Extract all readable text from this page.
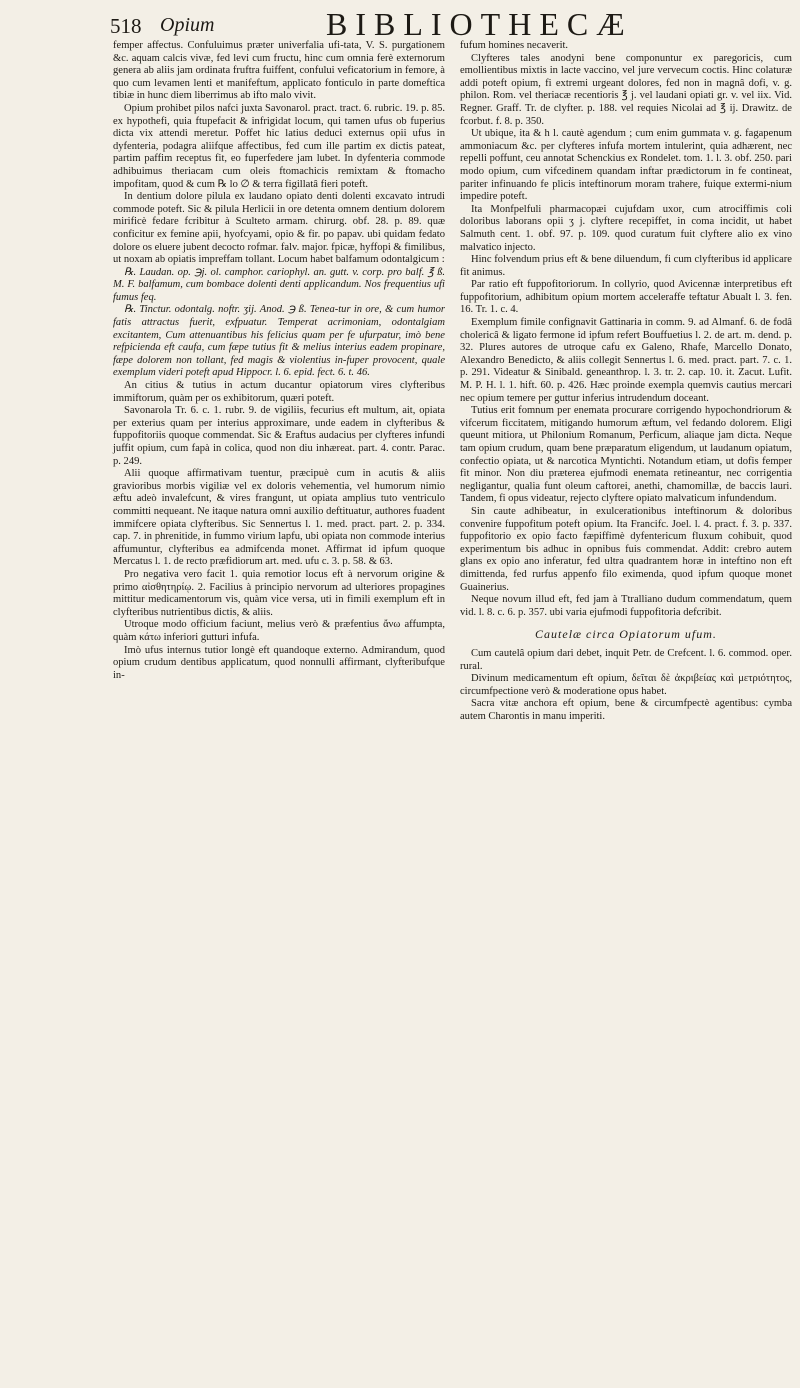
518 Opium	BIBLIOTHECÆ

femper affectus. Confuluimus præter univerfalia ufi-tata, V. S. purgationem &c. aquam calcis vivæ, fed levi cum fructu, hinc cum omnia ferè externorum genera ab aliis jam ordinata fruftra fuiffent, confului veficatorium in femore, à quo cum levamen lenti et manifeftum, applicato fonticulo in parte domeftica tibiæ in hunc diem liberrimus ab ifto malo vivit.

Opium prohibet pilos nafci juxta Savonarol. pract. tract. 6. rubric. 19. p. 85. ex hypothefi, quia ftupefacit & infrigidat locum, qui tamen ufus ob fuperius dicta vix attendi meretur. Poffet hic latius deduci externus opii ufus in dyfenteria, podagra aliifque affectibus, fed cum ille partim ex dictis pateat, partim paffim receptus fit, eo fuperfedere jam lubet. In dyfenteria commode adhibuimus theriacam cum oleis ftomachicis remixtam & ftomacho impofitam, quod & cum ℞ lo ∅ & terra figillatâ fieri poteft.

In dentium dolore pilula ex laudano opiato denti dolenti excavato intrudi commode poteft. Sic & pilula Herlicii in ore detenta omnem dentium dolorem mirificè fedare fcribitur à Sculteto armam. chirurg. obf. 28. p. 89. quæ conficitur ex femine apii, hyofcyami, opio & fir. po papav. ubi quidam fedato dolore os eluere jubent decocto rofmar. falv. major. fpicæ, hyffopi & fimilibus, ut noxam ab opiatis impreffam tollant. Locum habet balfamum odontalgicum :

℞. Laudan. op. ℈j. ol. camphor. cariophyl. an. gutt. v. corp. pro balf. ℥ ß. M. F. balfamum, cum bombace dolenti denti applicandum. Nos frequentius ufi fumus feq.

℞. Tinctur. odontalg. noftr. ʒij. Anod. ℈ ß. Tenea-tur in ore, & cum humor fatis attractus fuerit, exfpuatur. Temperat acrimoniam, odontalgiam excitantem, Cum attenuantibus his felicius quam per fe ufurpatur, imò bene refpicienda eft caufa, cum fæpe tutius fit & melius interius eadem propinare, fæpe dolorem non tollant, fed magis & violentius in-fuper provocent, quale exemplum videri poteft apud Hippocr. l. 6. epid. fect. 6. t. 46.

An citius & tutius in actum ducantur opiatorum vires clyfteribus immiftorum, quàm per os exhibitorum, quæri poteft.

Savonarola Tr. 6. c. 1. rubr. 9. de vigiliis, fecurius eft multum, ait, opiata per exterius quam per interius approximare, unde eadem in clyfteribus & fuppofitoriis quoque commendat. Sic & Eraftus audacius per clyfteres infundi juffit opium, cum fapà in colica, quod non diu inhæreat. part. 4. contr. Parac. p. 249.

Alii quoque affirmativam tuentur, præcipuè cum in acutis & aliis gravioribus morbis vigiliæ vel ex doloris vehementia, vel humorum nimio æftu adeò invalefcunt, & vires frangunt, ut opiata amplius tuto ventriculo committi nequeant. Ne itaque natura omni auxilio deftituatur, authores fuadent immifcere opiata clyfteribus. Sic Sennertus l. 1. med. pract. part. 2. p. 334. cap. 7. in phrenitide, in fummo virium lapfu, ubi opiata non commode interius affumuntur, clyfteribus ea admifcenda monet. Affirmat id ipfum quoque Mercatus l. 1. de recto præfidiorum art. med. ufu c. 3. p. 58. & 63.

Pro negativa vero facit 1. quia remotior locus eft à nervorum origine & primo αἰσθητηρίῳ. 2. Facilius à principio nervorum ad ulteriores propagines mittitur medicamentorum vis, quàm vice versa, uti in fimili exemplum eft in clyfteribus nutrientibus dictis, & aliis.

Utroque modo officium faciunt, melius verò & præfentius ἄνω affumpta, quàm κάτω inferiori gutturi infufa.

Imò ufus internus tutior longè eft quandoque externo. Admirandum, quod opium crudum dentibus applicatum, quod nonnulli affirmant, clyfteribufque in-

fufum homines necaverit.

Clyfteres tales anodyni bene componuntur ex paregoricis, cum emollientibus mixtis in lacte vaccino, vel jure vervecum coctis. Hinc colaturæ addi poteft opium, fi extremi urgeant dolores, fed non in magnâ dofi, v. g. philon. Rom. vel theriacæ recentioris ℥ j. vel laudani opiati gr. v. vel iix. Vid. Regner. Graff. Tr. de clyfter. p. 188. vel requies Nicolai ad ℥ ij. Drawitz. de fcorbut. f. 8. p. 350.

Ut ubique, ita & h l. cautè agendum ; cum enim gummata v. g. fagapenum ammoniacum &c. per clyfteres infufa mortem intulerint, quia adhærent, nec repelli poffunt, ceu annotat Schenckius ex Rondelet. tom. 1. l. 3. obf. 250. pari modo opium, cum vifcedinem quandam inftar prædictorum in fe contineat, pariter infinuando fe plicis inteftinorum moram trahere, fuique extermi-nium impedire poteft.

Ita Monfpelfuli pharmacopæi cujufdam uxor, cum atrociffimis coli doloribus laborans opii ʒ j. clyftere recepiffet, in coma incidit, ut habet Salmuth cent. 1. obf. 97. p. 109. quod curatum fuit clyftere alio ex vino malvatico injecto.

Hinc folvendum prius eft & bene diluendum, fi cum clyfteribus id applicare fit animus.

Par ratio eft fuppofitoriorum. In collyrio, quod Avicennæ interpretibus eft fuppofitorium, adhibitum opium mortem acceleraffe teftatur Abualt l. 3. fen. 16. Tr. 1. c. 4.

Exemplum fimile confignavit Gattinaria in comm. 9. ad Almanf. 6. de fodâ cholericâ & ligato fermone id ipfum refert Bouffuetius l. 2. de art. m. dend. p. 32. Plures autores de utroque cafu ex Galeno, Rhafe, Marcello Donato, Alexandro Benedicto, & aliis collegit Sennertus l. 6. med. pract. part. 7. c. 1. p. 291. Videatur & Sinibald. geneanthrop. l. 3. tr. 2. cap. 10. it. Zacut. Lufit. M. P. H. l. 1. hift. 60. p. 426. Hæc proinde exempla quemvis cautius mercari nec opium temere per guttur inferius intrudendum doceant.

Tutius erit fomnum per enemata procurare corrigendo hypochondriorum & vifcerum ficcitatem, mitigando humorum æftum, vel fedando dolorem. Eligi queunt mitiora, ut Philonium Romanum, Perficum, aliaque jam dicta. Neque tam opium crudum, quam bene præparatum eligendum, ut laudanum opiatum, confectio opiata, ut & narcotica Myntichti. Notandum etiam, ut dofis femper fit minor. Non diu præterea ejufmodi enemata retineantur, nec corrigentia negligantur, qualia funt oleum caftorei, anethi, chamomillæ, de baccis lauri. Tandem, fi opus videatur, rejecto clyftere opiato malvaticum infundendum.

Sin caute adhibeatur, in exulcerationibus inteftinorum & doloribus convenire fuppofitum poteft opium. Ita Francifc. Joel. l. 4. pract. f. 3. p. 337. fuppofitorio ex opio facto fæpiffimè dyfentericum fluxum cohibuit, quod experimentum bis adhuc in opnibus fuis commendat. Addit: crebro autem glans ex opio ano inferatur, fed ultra quadrantem horæ in inteftino non eft dimittenda, fed rurfus appenfo filo eximenda, quod ipfum quoque monet Guainerius.

Neque novum illud eft, fed jam à Ttralliano dudum commendatum, quem vid. l. 8. c. 6. p. 357. ubi varia ejufmodi fuppofitoria defcribit.

Cautelæ circa Opiatorum ufum.

Cum cautelâ opium dari debet, inquit Petr. de Crefcent. l. 6. commod. oper. rural.

Divinum medicamentum eft opium, δεῖται δὲ ἀκριβείας καὶ μετριότητος, circumfpectione verò & moderatione opus habet.

Sacra vitæ anchora eft opium, bene & circumfpectè agentibus: cymba autem Charontis in manu imperiti.
